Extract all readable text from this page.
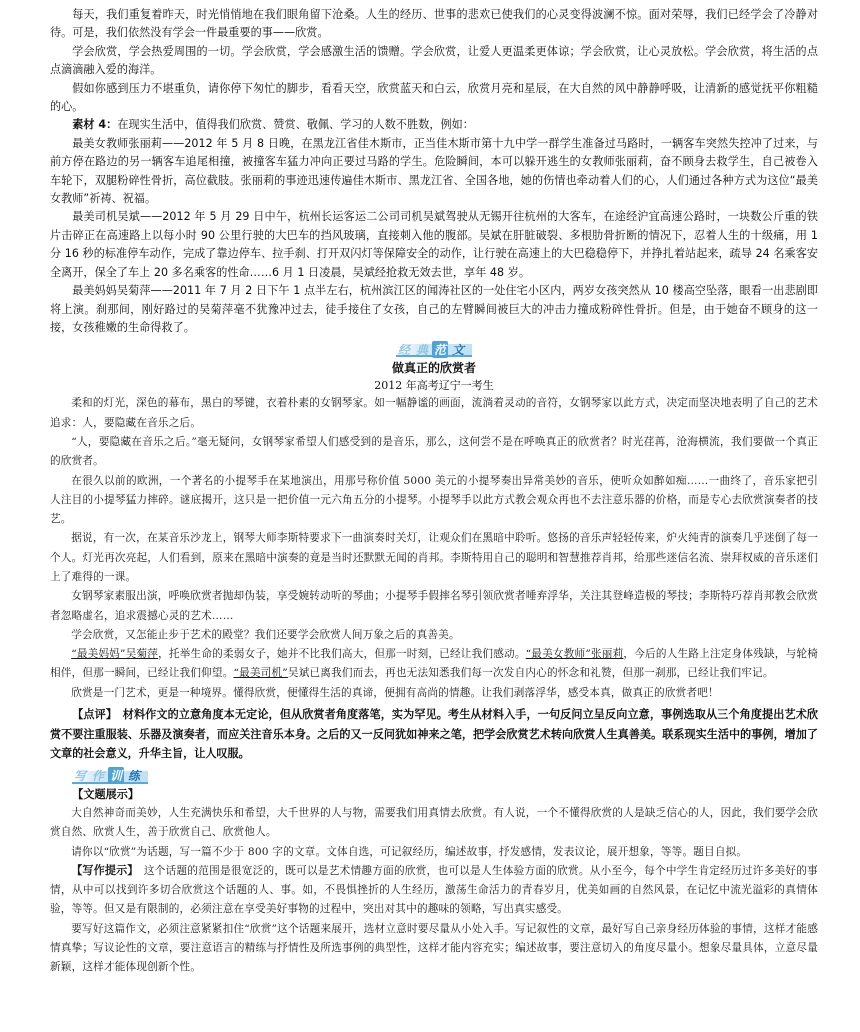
每天，我们重复着昨天，时光悄悄地在我们眼角留下沧桑。人生的经历、世事的悲欢已使我们的心灵变得波澜不惊。面对荣辱，我们已经学会了冷静对待。可是，我们依然没有学会一件最重要的事——欣赏。

学会欣赏，学会热爱周围的一切。学会欣赏，学会感激生活的馈赠。学会欣赏，让爱人更温柔更体谅；学会欣赏，让心灵放松。学会欣赏，将生活的点点滴滴融入爱的海洋。

假如你感到压力不堪重负，请你停下匆忙的脚步，看看天空，欣赏蓝天和白云，欣赏月亮和星辰，在大自然的风中静静呼吸，让清新的感觉抚平你粗糙的心。

素材 4：在现实生活中，值得我们欣赏、赞赏、敬佩、学习的人数不胜数，例如：

最美女教师张丽莉——2012 年 5 月 8 日晚，在黑龙江省佳木斯市，正当佳木斯市第十九中学一群学生准备过马路时，一辆客车突然失控冲了过来，与前方停在路边的另一辆客车追尾相撞，被撞客车猛力冲向正要过马路的学生。危险瞬间，本可以躲开逃生的女教师张丽莉，奋不顾身去救学生，自己被卷入车轮下，双腿粉碎性骨折，高位截肢。张丽莉的事迹迅速传遍佳木斯市、黑龙江省、全国各地，她的伤情也牵动着人们的心，人们通过各种方式为这位“最美女教师”祈祷、祝福。

最美司机吴斌——2012 年 5 月 29 日中午，杭州长运客运二公司司机吴斌驾驶从无锡开往杭州的大客车，在途经沪宜高速公路时，一块数公斤重的铁片击碎正在高速路上以每小时 90 公里行驶的大巴车的挡风玻璃，直接刺入他的腹部。吴斌在肝脏破裂、多根肋骨折断的情况下，忍着人生的十级痛，用 1 分 16 秒的标准停车动作，完成了靠边停车、拉手刹、打开双闪灯等保障安全的动作，让行驶在高速上的大巴稳稳停下，并挣扎着站起来，疏导 24 名乘客安全离开，保全了车上 20 多名乘客的性命……6 月 1 日凌晨，吴斌经抢救无效去世，享年 48 岁。

最美妈妈吴菊萍——2011 年 7 月 2 日下午 1 点半左右，杭州滨江区的闻涛社区的一处住宅小区内，两岁女孩突然从 10 楼高空坠落，眼看一出悲剧即将上演。刹那间，刚好路过的吴菊萍毫不犹豫冲过去，徒手接住了女孩，自己的左臂瞬间被巨大的冲击力撞成粉碎性骨折。但是，由于她奋不顾身的这一接，女孩稚嫩的生命得救了。

经 典 范 文

做真正的欣赏者

2012 年高考辽宁一考生

柔和的灯光，深色的幕布，黑白的琴键，衣着朴素的女钢琴家。如一幅静谧的画面，流淌着灵动的音符，女钢琴家以此方式，决定而坚决地表明了自己的艺术追求：人，要隐藏在音乐之后。

“人，要隐藏在音乐之后。”毫无疑问，女钢琴家希望人们感受到的是音乐，那么，这何尝不是在呼唤真正的欣赏者？时光荏苒，沧海横流，我们要做一个真正的欣赏者。

在很久以前的欧洲，一个著名的小提琴手在某地演出，用那号称价值 5000 美元的小提琴奏出异常美妙的音乐，使听众如醉如痴……一曲终了，音乐家把引人注目的小提琴猛力摔碎。谜底揭开，这只是一把价值一元六角五分的小提琴。小提琴手以此方式教会观众再也不去注意乐器的价格，而是专心去欣赏演奏者的技艺。

据说，有一次，在某音乐沙龙上，钢琴大师李斯特要求下一曲演奏时关灯，让观众们在黑暗中聆听。悠扬的音乐声轻轻传来，炉火纯青的演奏几乎迷倒了每一个人。灯光再次亮起，人们看到，原来在黑暗中演奏的竟是当时还默默无闻的肖邦。李斯特用自己的聪明和智慧推荐肖邦，给那些迷信名流、崇拜权威的音乐迷们上了难得的一课。

女钢琴家素服出演，呼唤欣赏者抛却伪装，享受婉转动听的琴曲；小提琴手假摔名琴引领欣赏者唾弃浮华，关注其登峰造极的琴技；李斯特巧荐肖邦教会欣赏者忽略虚名，追求震撼心灵的艺术……

学会欣赏，又怎能止步于艺术的殿堂？我们还要学会欣赏人间万象之后的真善美。

“最美妈妈”吴菊萍，托举生命的柔弱女子，她并不比我们高大，但那一时刻，已经让我们感动。“最美女教师”张丽莉，今后的人生路上注定身体残缺，与轮椅相伴，但那一瞬间，已经让我们仰望。“最美司机”吴斌已离我们而去，再也无法知悉我们每一次发自内心的怀念和礼赞，但那一刹那，已经让我们牢记。

欣赏是一门艺术，更是一种境界。懂得欣赏，便懂得生活的真谛，便拥有高尚的情趣。让我们剥落浮华，感受本真，做真正的欣赏者吧！

【点评】　材料作文的立意角度本无定论，但从欣赏者角度落笔，实为罕见。考生从材料入手，一句反问立呈反向立意，事例选取从三个角度提出艺术欣赏不要注重服装、乐器及演奏者，而应关注音乐本身。之后的又一反问犹如神来之笔，把学会欣赏艺术转向欣赏人生真善美。联系现实生活中的事例，增加了文章的社会意义，升华主旨，让人叹服。

写 作 训 练

【文题展示】

大自然神奇而美妙，人生充满快乐和希望，大千世界的人与物，需要我们用真情去欣赏。有人说，一个不懂得欣赏的人是缺乏信心的人，因此，我们要学会欣赏自然、欣赏人生，善于欣赏自己、欣赏他人。

请你以“欣赏”为话题，写一篇不少于 800 字的文章。文体自选，可记叙经历，编述故事，抒发感情，发表议论，展开想象，等等。题目自拟。

【写作提示】　这个话题的范围是很宽泛的，既可以是艺术情趣方面的欣赏，也可以是人生体验方面的欣赏。从小至今，每个中学生肯定经历过许多美好的事情，从中可以找到许多切合欣赏这个话题的人、事。如，不畏惧挫折的人生经历，激荡生命活力的青春岁月，优美如画的自然风景，在记忆中流光溢彩的真情体验，等等。但又是有限制的，必须注意在享受美好事物的过程中，突出对其中的趣味的领略，写出真实感受。

要写好这篇作文，必须注意紧紧扣住“欣赏”这个话题来展开，选材立意时要尽量从小处入手。写记叙性的文章，最好写自己亲身经历体验的事情，这样才能感情真挚；写议论性的文章，要注意语言的精练与抒情性及所选事例的典型性，这样才能内容充实；编述故事，要注意切入的角度尽量小。想象尽量具体，立意尽量新颖，这样才能体现创新个性。
